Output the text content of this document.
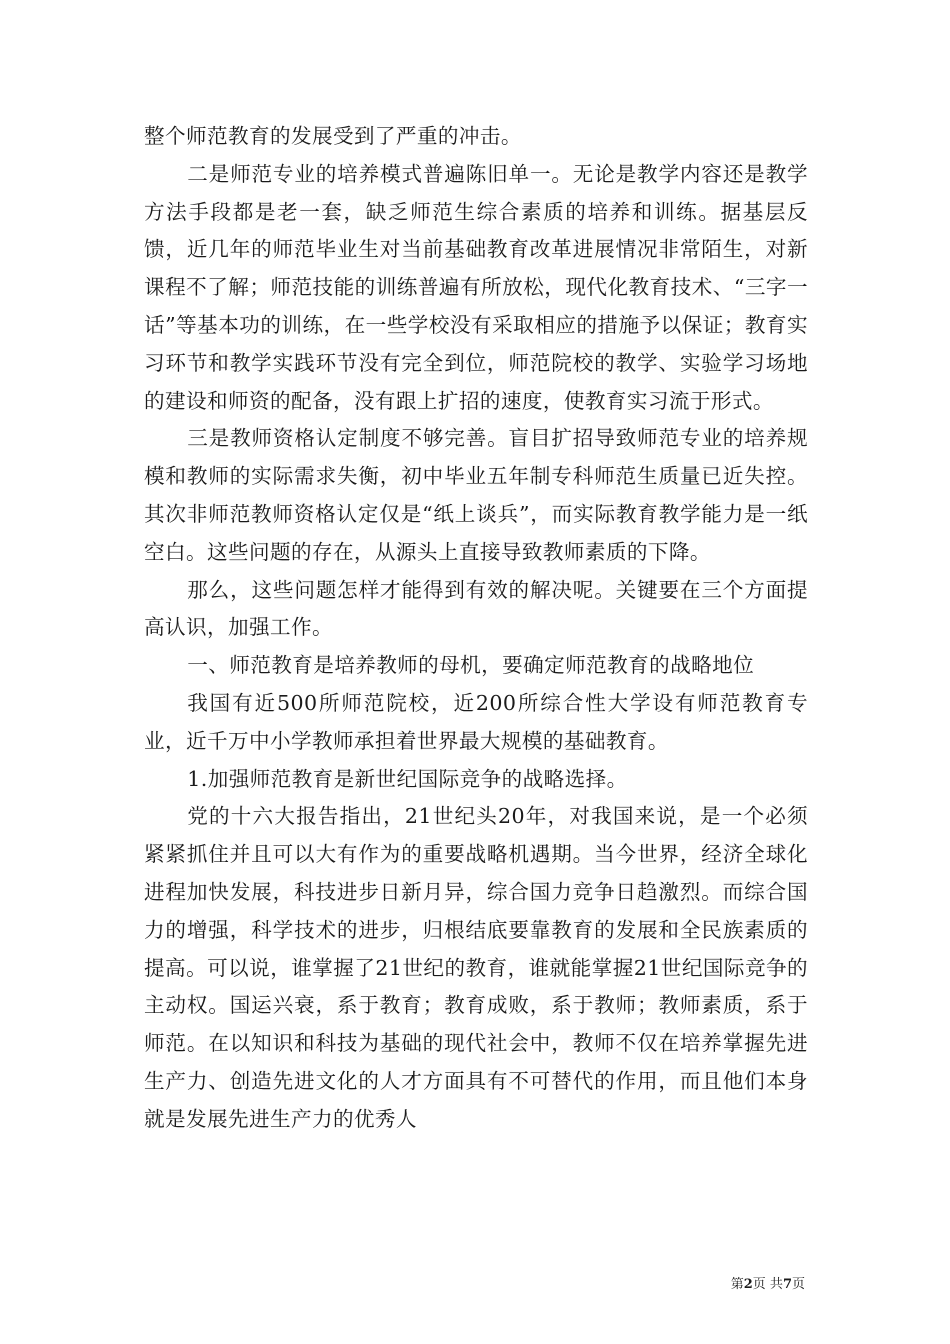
整个师范教育的发展受到了严重的冲击。

二是师范专业的培养模式普遍陈旧单一。无论是教学内容还是教学方法手段都是老一套，缺乏师范生综合素质的培养和训练。据基层反馈，近几年的师范毕业生对当前基础教育改革进展情况非常陌生，对新课程不了解；师范技能的训练普遍有所放松，现代化教育技术、“三字一话”等基本功的训练，在一些学校没有采取相应的措施予以保证；教育实习环节和教学实践环节没有完全到位，师范院校的教学、实验学习场地的建设和师资的配备，没有跟上扩招的速度，使教育实习流于形式。

三是教师资格认定制度不够完善。盲目扩招导致师范专业的培养规模和教师的实际需求失衡，初中毕业五年制专科师范生质量已近失控。其次非师范教师资格认定仅是“纸上谈兵”，而实际教育教学能力是一纸空白。这些问题的存在，从源头上直接导致教师素质的下降。

那么，这些问题怎样才能得到有效的解决呢。关键要在三个方面提高认识，加强工作。

一、师范教育是培养教师的母机，要确定师范教育的战略地位

我国有近500所师范院校，近200所综合性大学设有师范教育专业，近千万中小学教师承担着世界最大规模的基础教育。

1.加强师范教育是新世纪国际竞争的战略选择。

党的十六大报告指出，21世纪头20年，对我国来说，是一个必须紧紧抓住并且可以大有作为的重要战略机遇期。当今世界，经济全球化进程加快发展，科技进步日新月异，综合国力竞争日趋激烈。而综合国力的增强，科学技术的进步，归根结底要靠教育的发展和全民族素质的提高。可以说，谁掌握了21世纪的教育，谁就能掌握21世纪国际竞争的主动权。国运兴衰，系于教育；教育成败，系于教师；教师素质，系于师范。在以知识和科技为基础的现代社会中，教师不仅在培养掌握先进生产力、创造先进文化的人才方面具有不可替代的作用，而且他们本身就是发展先进生产力的优秀人

第2页 共7页
